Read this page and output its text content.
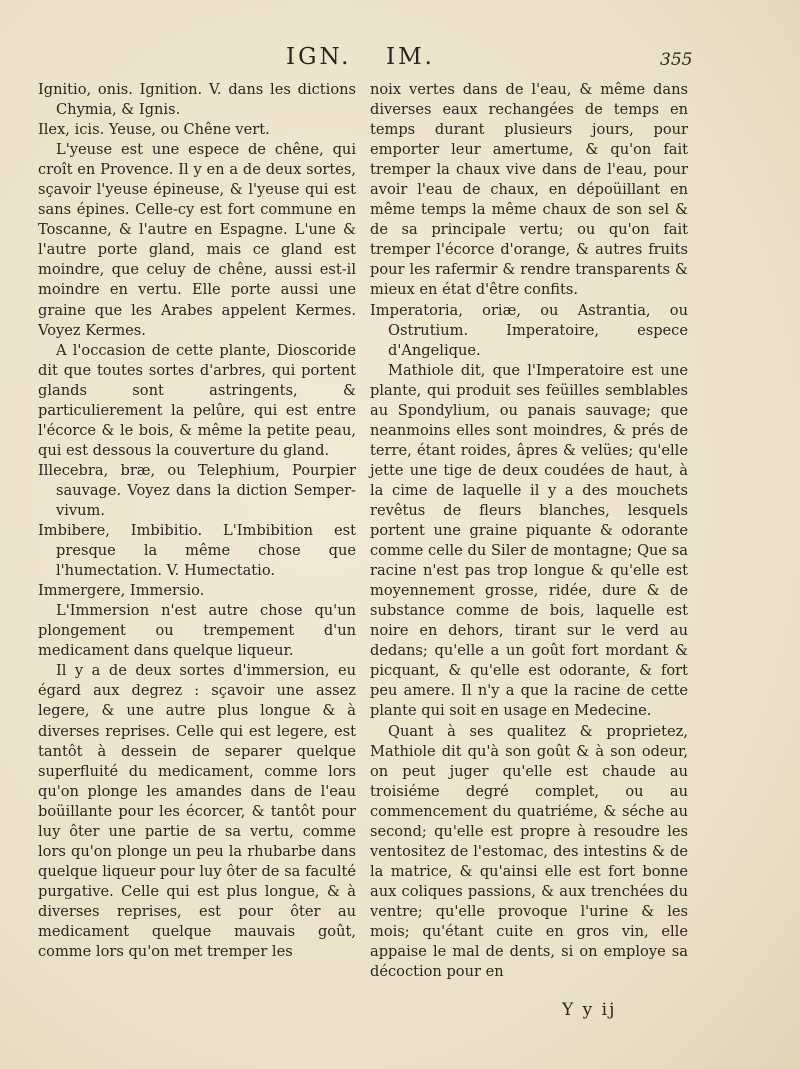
IGN. IM.	355

Ignitio, onis. Ignition. V. dans les dictions Chymia, & Ignis.

Ilex, icis. Yeuse, ou Chêne vert.

L'yeuse est une espece de chêne, qui croît en Provence. Il y en a de deux sortes, sçavoir l'yeuse épineuse, & l'yeuse qui est sans épines. Celle-cy est fort commune en Toscanne, & l'autre en Espagne. L'une & l'autre porte gland, mais ce gland est moindre, que celuy de chêne, aussi est-il moindre en vertu. Elle porte aussi une graine que les Arabes appelent Kermes. Voyez Kermes.

A l'occasion de cette plante, Dioscoride dit que toutes sortes d'arbres, qui portent glands sont astringents, & particulierement la pelûre, qui est entre l'écorce & le bois, & même la petite peau, qui est dessous la couverture du gland.

Illecebra, bræ, ou Telephium, Pourpier sauvage. Voyez dans la diction Semper-vivum.

Imbibere, Imbibitio. L'Imbibition est presque la même chose que l'humectation. V. Humectatio.

Immergere, Immersio.

L'Immersion n'est autre chose qu'un plongement ou trempement d'un medicament dans quelque liqueur.

Il y a de deux sortes d'immersion, eu égard aux degrez : sçavoir une assez legere, & une autre plus longue & à diverses reprises. Celle qui est legere, est tantôt à dessein de separer quelque superfluité du medicament, comme lors qu'on plonge les amandes dans de l'eau boüillante pour les écorcer, & tantôt pour luy ôter une partie de sa vertu, comme lors qu'on plonge un peu la rhubarbe dans quelque liqueur pour luy ôter de sa faculté purgative. Celle qui est plus longue, & à diverses reprises, est pour ôter au medicament quelque mauvais goût, comme lors qu'on met tremper les

noix vertes dans de l'eau, & même dans diverses eaux rechangées de temps en temps durant plusieurs jours, pour emporter leur amertume, & qu'on fait tremper la chaux vive dans de l'eau, pour avoir l'eau de chaux, en dépoüillant en même temps la même chaux de son sel & de sa principale vertu; ou qu'on fait tremper l'écorce d'orange, & autres fruits pour les rafermir & rendre transparents & mieux en état d'être confits.

Imperatoria, oriæ, ou Astrantia, ou Ostrutium. Imperatoire, espece d'Angelique.

Mathiole dit, que l'Imperatoire est une plante, qui produit ses feüilles semblables au Spondylium, ou panais sauvage; que neanmoins elles sont moindres, & prés de terre, étant roides, âpres & velües; qu'elle jette une tige de deux coudées de haut, à la cime de laquelle il y a des mouchets revêtus de fleurs blanches, lesquels portent une graine piquante & odorante comme celle du Siler de montagne; Que sa racine n'est pas trop longue & qu'elle est moyennement grosse, ridée, dure & de substance comme de bois, laquelle est noire en dehors, tirant sur le verd au dedans; qu'elle a un goût fort mordant & picquant, & qu'elle est odorante, & fort peu amere. Il n'y a que la racine de cette plante qui soit en usage en Medecine.

Quant à ses qualitez & proprietez, Mathiole dit qu'à son goût & à son odeur, on peut juger qu'elle est chaude au troisiéme degré complet, ou au commencement du quatriéme, & séche au second; qu'elle est propre à resoudre les ventositez de l'estomac, des intestins & de la matrice, & qu'ainsi elle est fort bonne aux coliques passions, & aux trenchées du ventre; qu'elle provoque l'urine & les mois; qu'étant cuite en gros vin, elle appaise le mal de dents, si on employe sa décoction pour en

Y y ij
